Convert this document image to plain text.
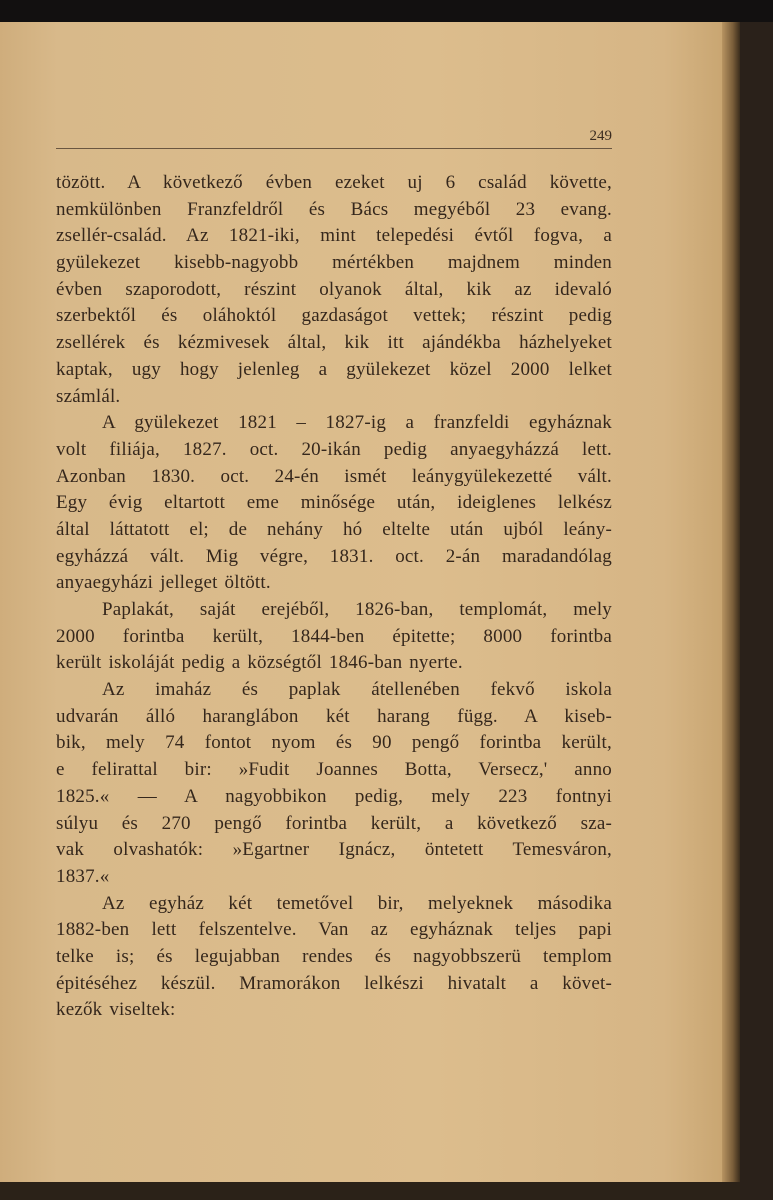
249
tözött. A következő évben ezeket uj 6 család követte,
nemkülönben Franzfeldről és Bács megyéből 23 evang.
zsellér-család. Az 1821-iki, mint telepedési évtől fogva, a
gyülekezet kisebb-nagyobb mértékben majdnem minden
évben szaporodott, részint olyanok által, kik az idevaló
szerbektől és oláhoktól gazdaságot vettek; részint pedig
zsellérek és kézmivesek által, kik itt ajándékba házhelyeket
kaptak, ugy hogy jelenleg a gyülekezet közel 2000 lelket
számlál.
A gyülekezet 1821 – 1827-ig a franzfeldi egyháznak
volt filiája, 1827. oct. 20-ikán pedig anyaegyházzá lett.
Azonban 1830. oct. 24-én ismét leánygyülekezetté vált.
Egy évig eltartott eme minősége után, ideiglenes lelkész
által láttatott el; de nehány hó eltelte után ujból leány-
egyházzá vált. Mig végre, 1831. oct. 2-án maradandólag
anyaegyházi jelleget öltött.
Paplakát, saját erejéből, 1826-ban, templomát, mely
2000 forintba került, 1844-ben épitette; 8000 forintba
került iskoláját pedig a községtől 1846-ban nyerte.
Az imaház és paplak átellenében fekvő iskola
udvarán álló haranglábon két harang függ. A kiseb-
bik, mely 74 fontot nyom és 90 pengő forintba került,
e felirattal bir: »Fudit Joannes Botta, Versecz,' anno
1825.« — A nagyobbikon pedig, mely 223 fontnyi
súlyu és 270 pengő forintba került, a következő sza-
vak olvashatók: »Egartner Ignácz, öntetett Temesváron,
1837.«
Az egyház két temetővel bir, melyeknek másodika
1882-ben lett felszentelve. Van az egyháznak teljes papi
telke is; és legujabban rendes és nagyobbszerü templom
épitéséhez készül. Mramorákon lelkészi hivatalt a követ-
kezők viseltek:
